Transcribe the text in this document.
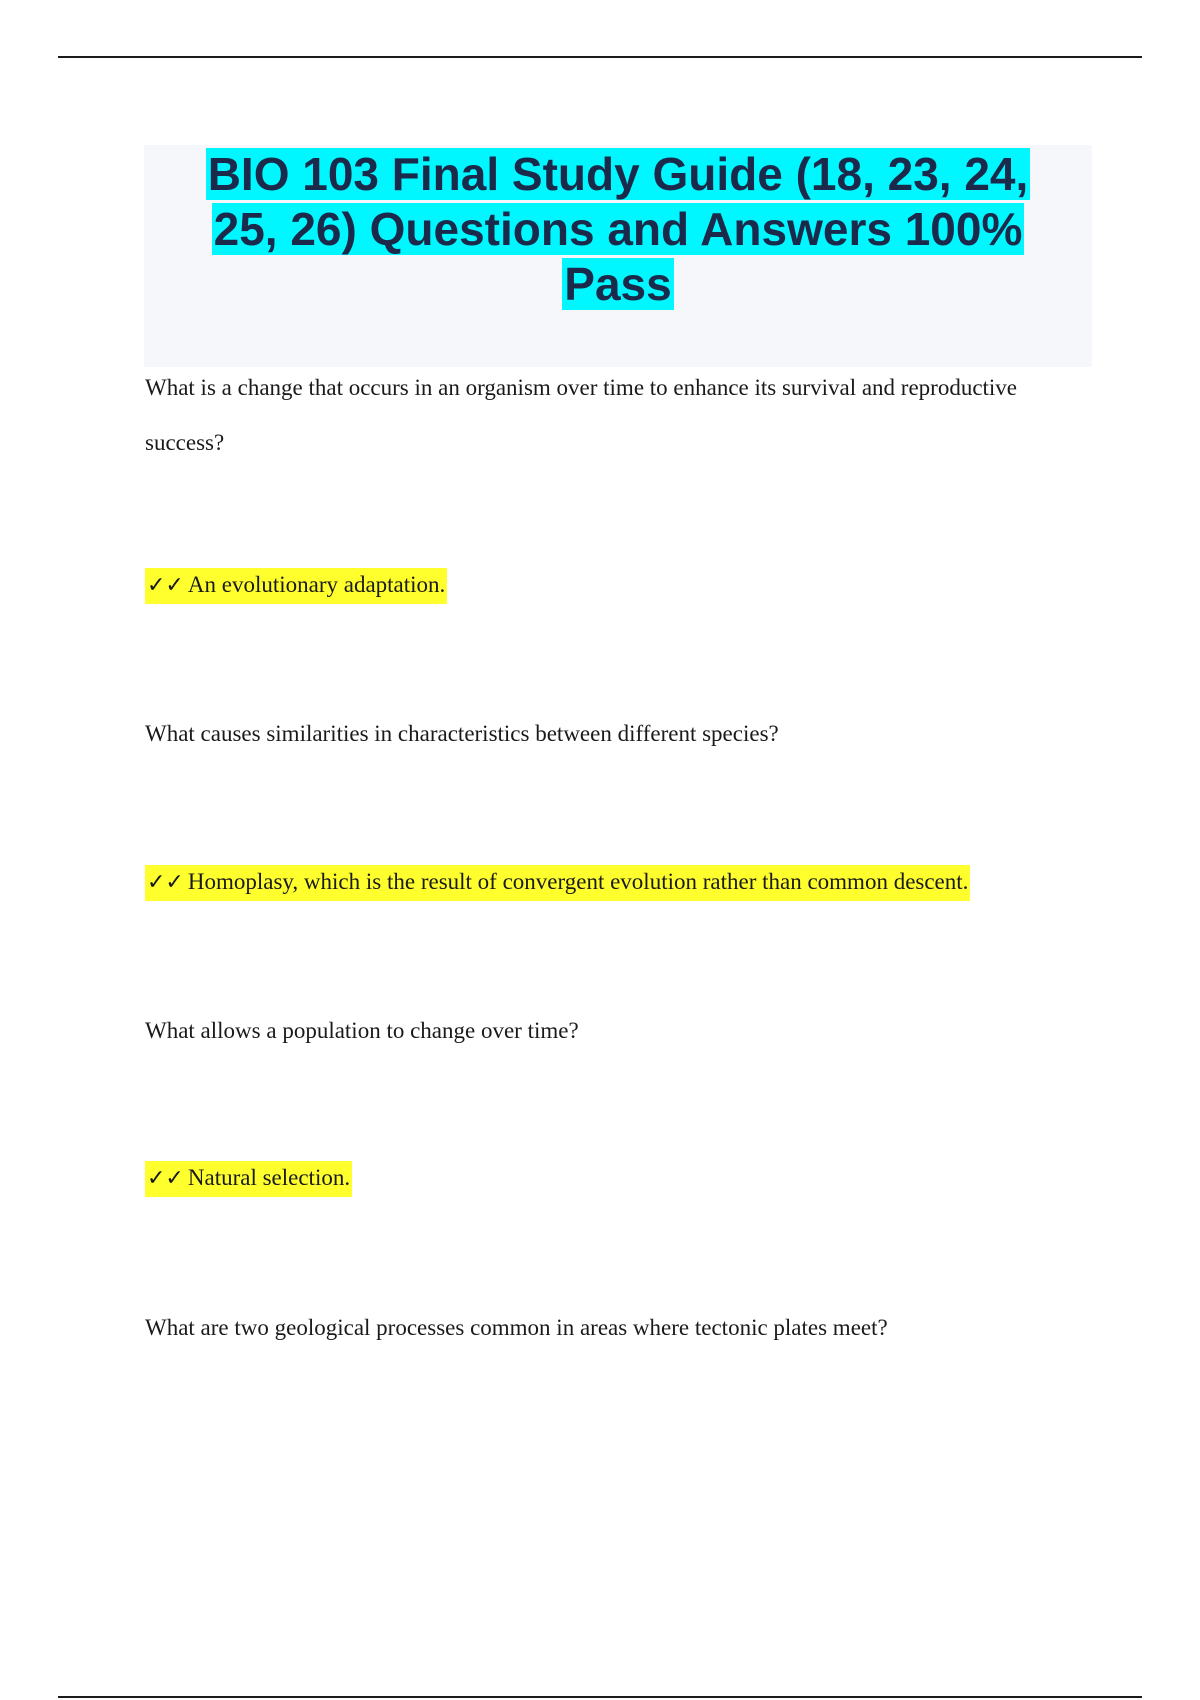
BIO 103 Final Study Guide (18, 23, 24,
25, 26) Questions and Answers 100%
Pass
What is a change that occurs in an organism over time to enhance its survival and reproductive success?
✓✓ An evolutionary adaptation.
What causes similarities in characteristics between different species?
✓✓ Homoplasy, which is the result of convergent evolution rather than common descent.
What allows a population to change over time?
✓✓ Natural selection.
What are two geological processes common in areas where tectonic plates meet?
